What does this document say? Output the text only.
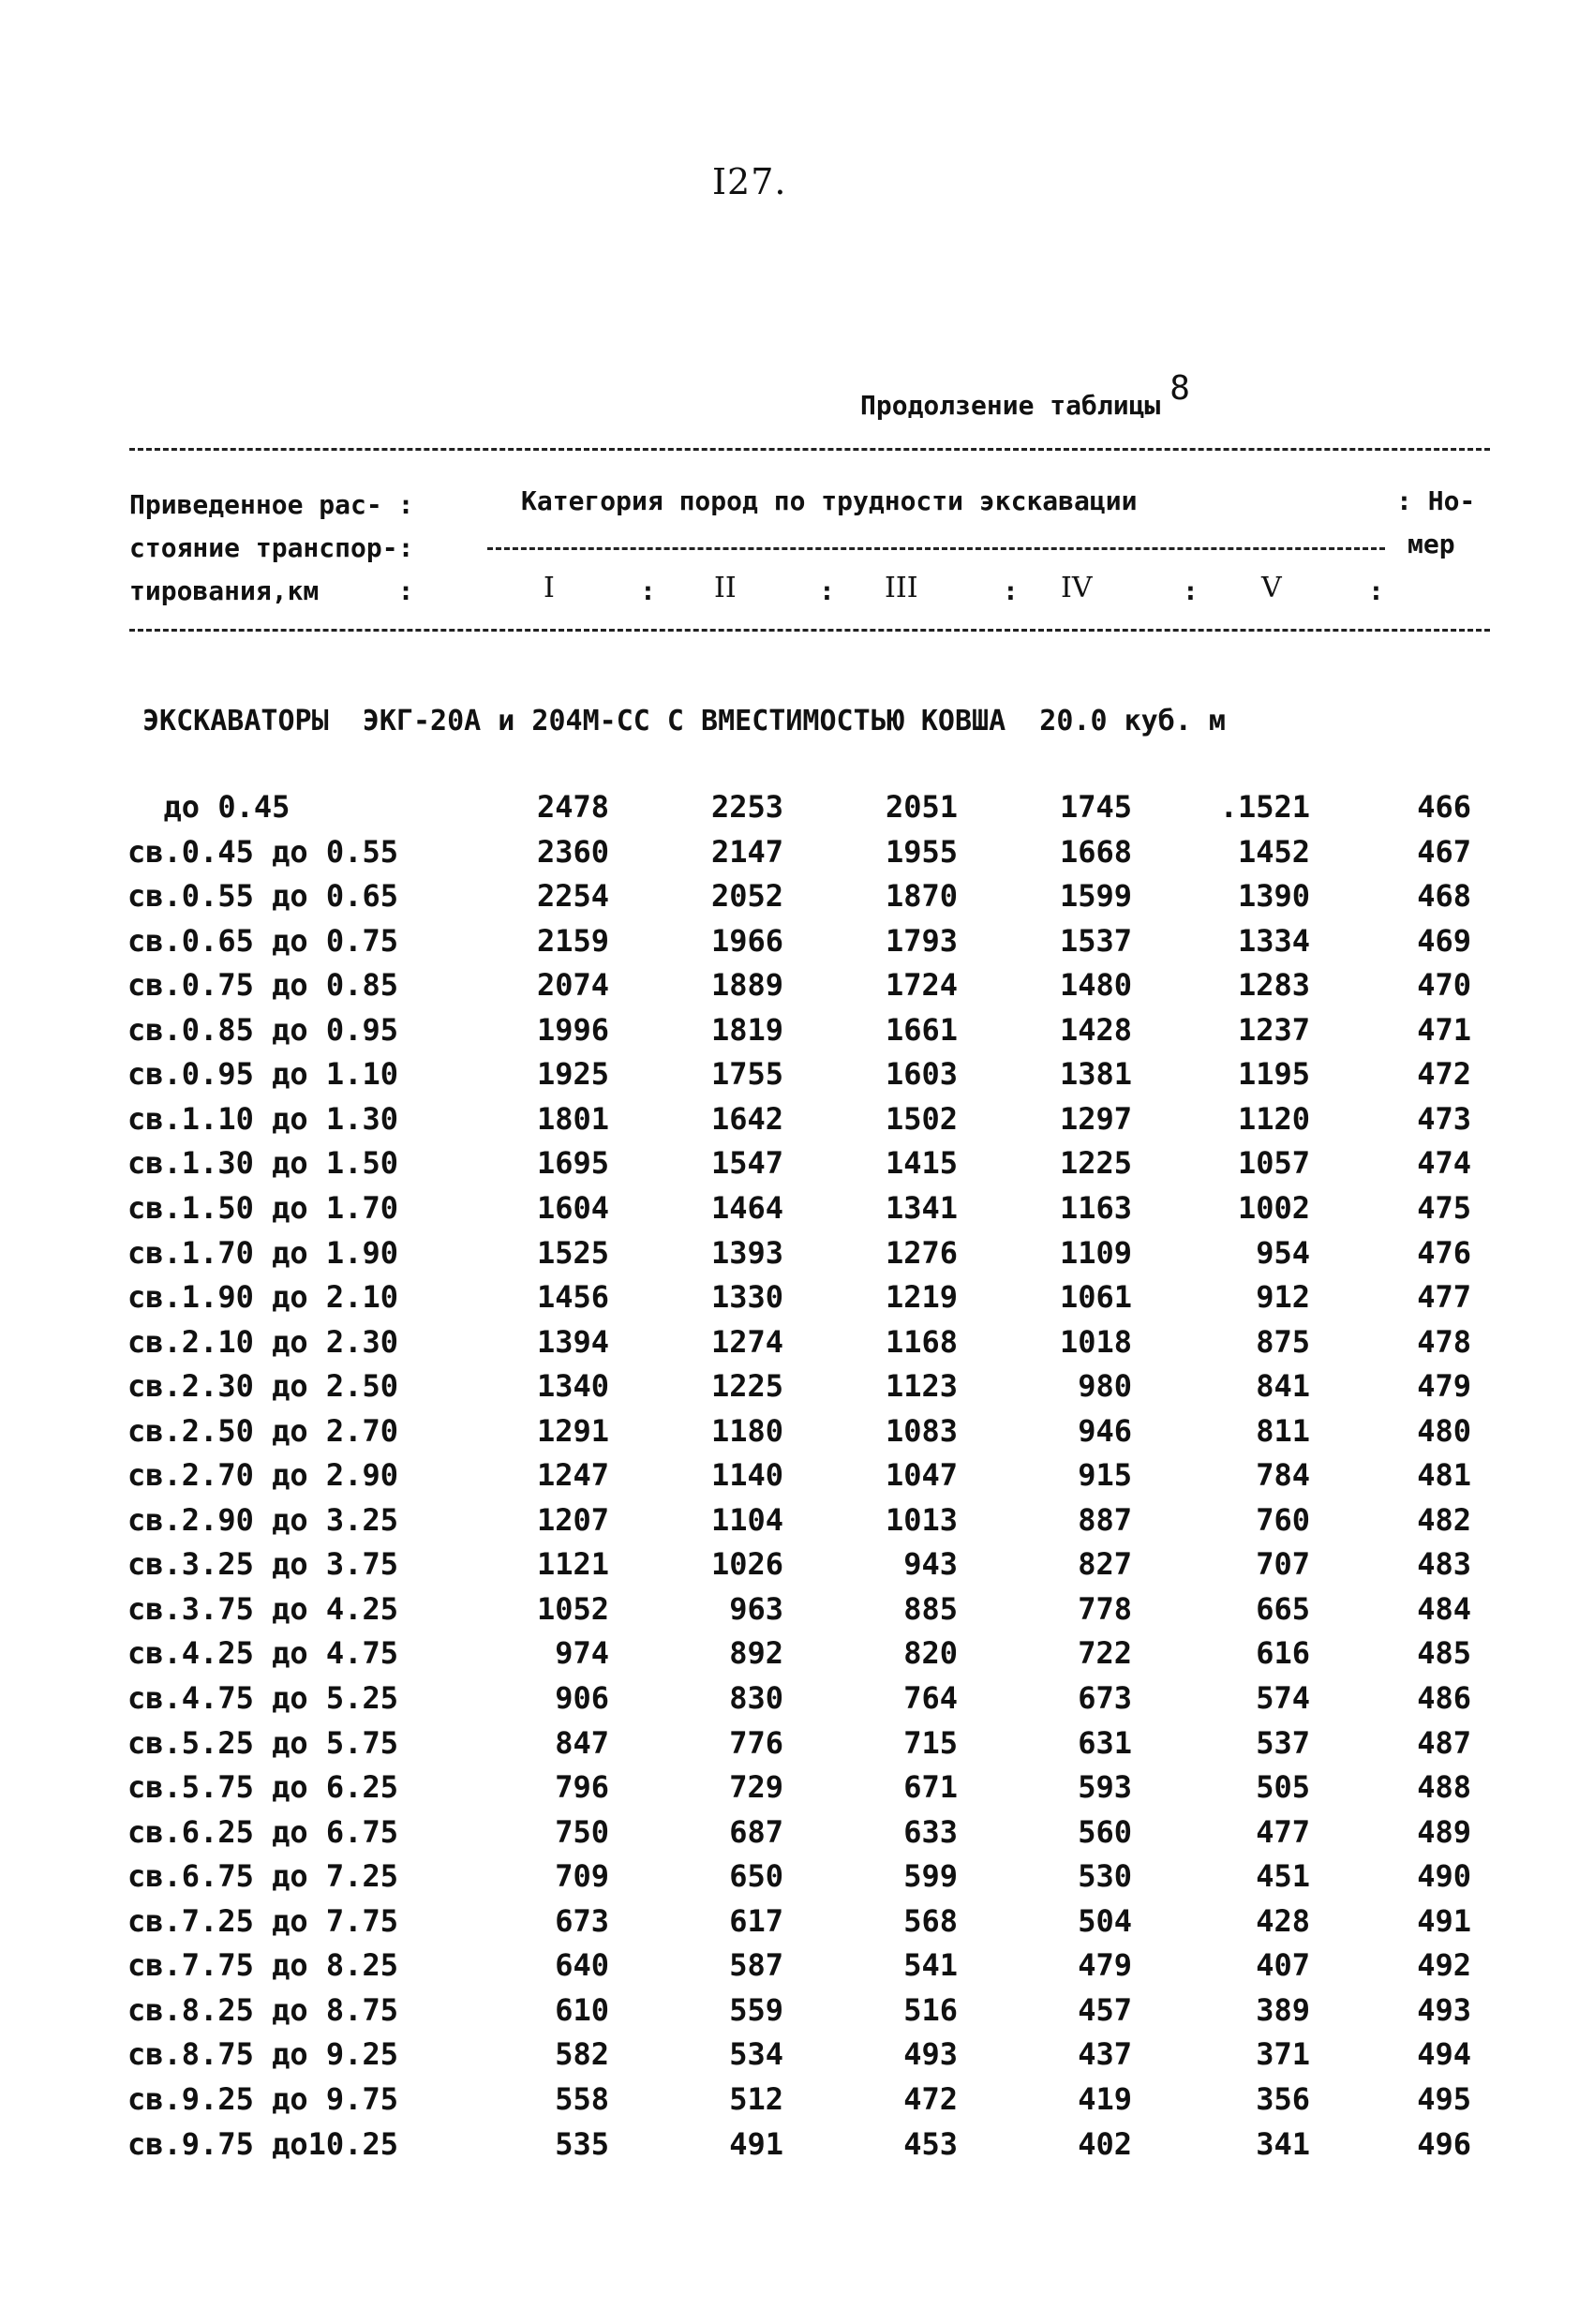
I27.
Продолзение таблицы 8
Приведенное рас- :
стояние транспор-:
тирования,км     :
Категория пород по трудности экскавации	: Но-
мер
I	: II	: III	: IV	: V	:
ЭКСКАВАТОРЫ  ЭКГ-20А и 204М-СС С ВМЕСТИМОСТЬЮ КОВША  20.0 куб. м
до 0.45	2478	2253	2051	1745	.1521	466
св.0.45 до 0.55	2360	2147	1955	1668	1452	467
св.0.55 до 0.65	2254	2052	1870	1599	1390	468
св.0.65 до 0.75	2159	1966	1793	1537	1334	469
св.0.75 до 0.85	2074	1889	1724	1480	1283	470
св.0.85 до 0.95	1996	1819	1661	1428	1237	471
св.0.95 до 1.10	1925	1755	1603	1381	1195	472
св.1.10 до 1.30	1801	1642	1502	1297	1120	473
св.1.30 до 1.50	1695	1547	1415	1225	1057	474
св.1.50 до 1.70	1604	1464	1341	1163	1002	475
св.1.70 до 1.90	1525	1393	1276	1109	954	476
св.1.90 до 2.10	1456	1330	1219	1061	912	477
св.2.10 до 2.30	1394	1274	1168	1018	875	478
св.2.30 до 2.50	1340	1225	1123	980	841	479
св.2.50 до 2.70	1291	1180	1083	946	811	480
св.2.70 до 2.90	1247	1140	1047	915	784	481
св.2.90 до 3.25	1207	1104	1013	887	760	482
св.3.25 до 3.75	1121	1026	943	827	707	483
св.3.75 до 4.25	1052	963	885	778	665	484
св.4.25 до 4.75	974	892	820	722	616	485
св.4.75 до 5.25	906	830	764	673	574	486
св.5.25 до 5.75	847	776	715	631	537	487
св.5.75 до 6.25	796	729	671	593	505	488
св.6.25 до 6.75	750	687	633	560	477	489
св.6.75 до 7.25	709	650	599	530	451	490
св.7.25 до 7.75	673	617	568	504	428	491
св.7.75 до 8.25	640	587	541	479	407	492
св.8.25 до 8.75	610	559	516	457	389	493
св.8.75 до 9.25	582	534	493	437	371	494
св.9.25 до 9.75	558	512	472	419	356	495
св.9.75 до10.25	535	491	453	402	341	496
